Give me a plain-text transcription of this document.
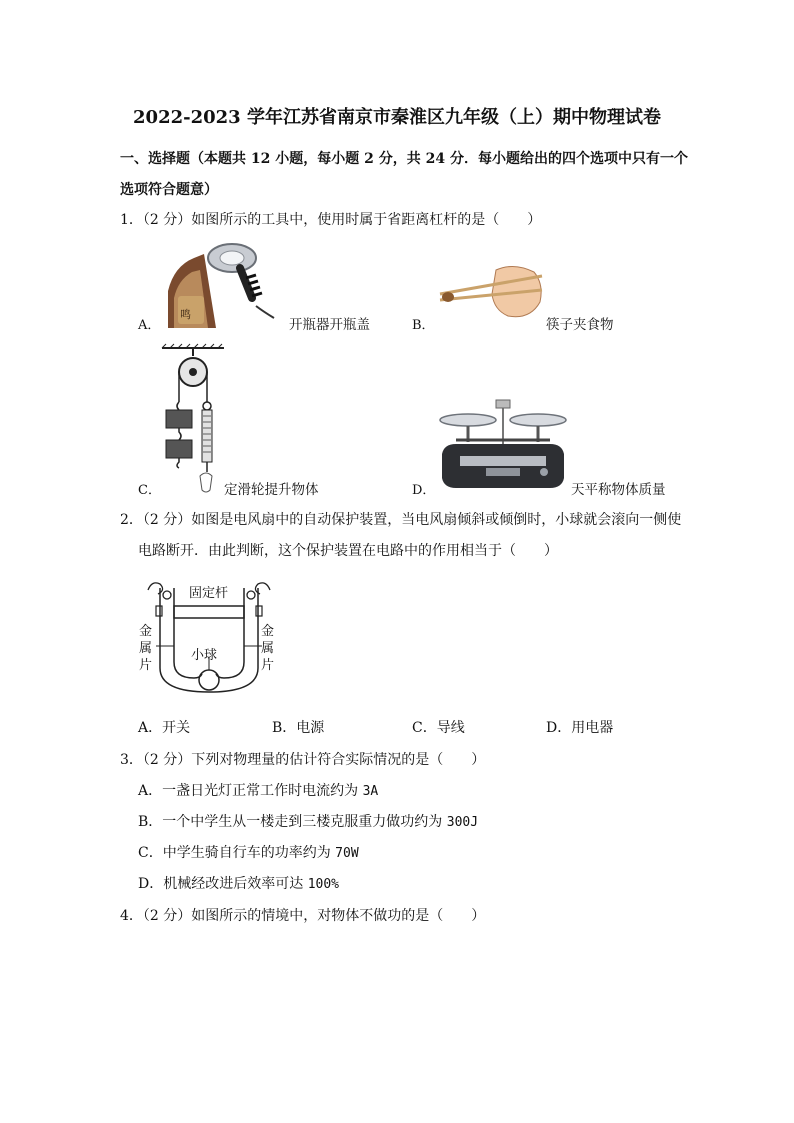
2022-2023 学年江苏省南京市秦淮区九年级（上）期中物理试卷
一、选择题（本题共 12 小题，每小题 2 分，共 24 分．每小题给出的四个选项中只有一个
选项符合题意）
1．（2 分）如图所示的工具中，使用时属于省距离杠杆的是（　　）
A．
鸣
开瓶器开瓶盖	B．	筷子夹食物
C．	定滑轮提升物体	D．	天平称物体质量
2．（2 分）如图是电风扇中的自动保护装置，当电风扇倾斜或倾倒时，小球就会滚向一侧使
电路断开．由此判断，这个保护装置在电路中的作用相当于（　　）
固定杆
小球
金
属
片
金
属
片
A．开关	B．电源	C．导线	D．用电器
3．（2 分）下列对物理量的估计符合实际情况的是（　　）
A．一盏日光灯正常工作时电流约为 3A
B．一个中学生从一楼走到三楼克服重力做功约为 300J
C．中学生骑自行车的功率约为 70W
D．机械经改进后效率可达 100%
4．（2 分）如图所示的情境中，对物体不做功的是（　　）
